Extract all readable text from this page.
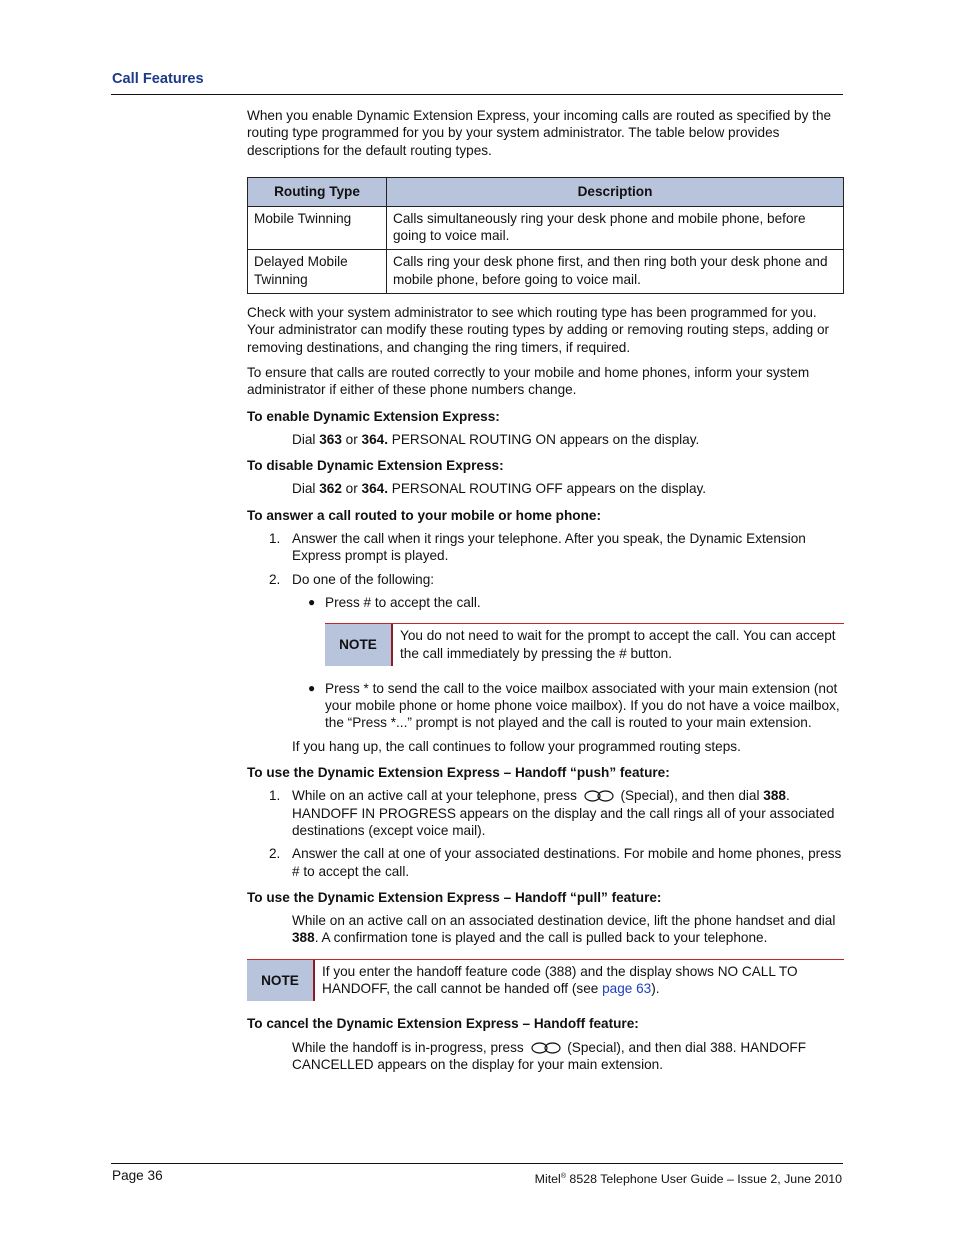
Call Features

When you enable Dynamic Extension Express, your incoming calls are routed as specified by the routing type programmed for you by your system administrator. The table below provides descriptions for the default routing types.

Routing Type	Description
Mobile Twinning	Calls simultaneously ring your desk phone and mobile phone, before going to voice mail.
Delayed Mobile Twinning	Calls ring your desk phone first, and then ring both your desk phone and mobile phone, before going to voice mail.

Check with your system administrator to see which routing type has been programmed for you. Your administrator can modify these routing types by adding or removing routing steps, adding or removing destinations, and changing the ring timers, if required.

To ensure that calls are routed correctly to your mobile and home phones, inform your system administrator if either of these phone numbers change.

To enable Dynamic Extension Express:

Dial 363 or 364. PERSONAL ROUTING ON appears on the display.

To disable Dynamic Extension Express:

Dial 362 or 364. PERSONAL ROUTING OFF appears on the display.

To answer a call routed to your mobile or home phone:

1. Answer the call when it rings your telephone. After you speak, the Dynamic Extension Express prompt is played.
2. Do one of the following:
● Press # to accept the call.
NOTE
You do not need to wait for the prompt to accept the call. You can accept the call immediately by pressing the # button.
● Press * to send the call to the voice mailbox associated with your main extension (not your mobile phone or home phone voice mailbox). If you do not have a voice mailbox, the “Press *...” prompt is not played and the call is routed to your main extension.

If you hang up, the call continues to follow your programmed routing steps.

To use the Dynamic Extension Express – Handoff “push” feature:

1. While on an active call at your telephone, press	(Special), and then dial 388. HANDOFF IN PROGRESS appears on the display and the call rings all of your associated destinations (except voice mail).
2. Answer the call at one of your associated destinations. For mobile and home phones, press # to accept the call.

To use the Dynamic Extension Express – Handoff “pull” feature:

While on an active call on an associated destination device, lift the phone handset and dial 388. A confirmation tone is played and the call is pulled back to your telephone.

NOTE
If you enter the handoff feature code (388) and the display shows NO CALL TO HANDOFF, the call cannot be handed off (see page 63).

To cancel the Dynamic Extension Express – Handoff feature:

While the handoff is in-progress, press	(Special), and then dial 388. HANDOFF CANCELLED appears on the display for your main extension.

Page 36	Mitel® 8528 Telephone User Guide – Issue 2, June 2010
